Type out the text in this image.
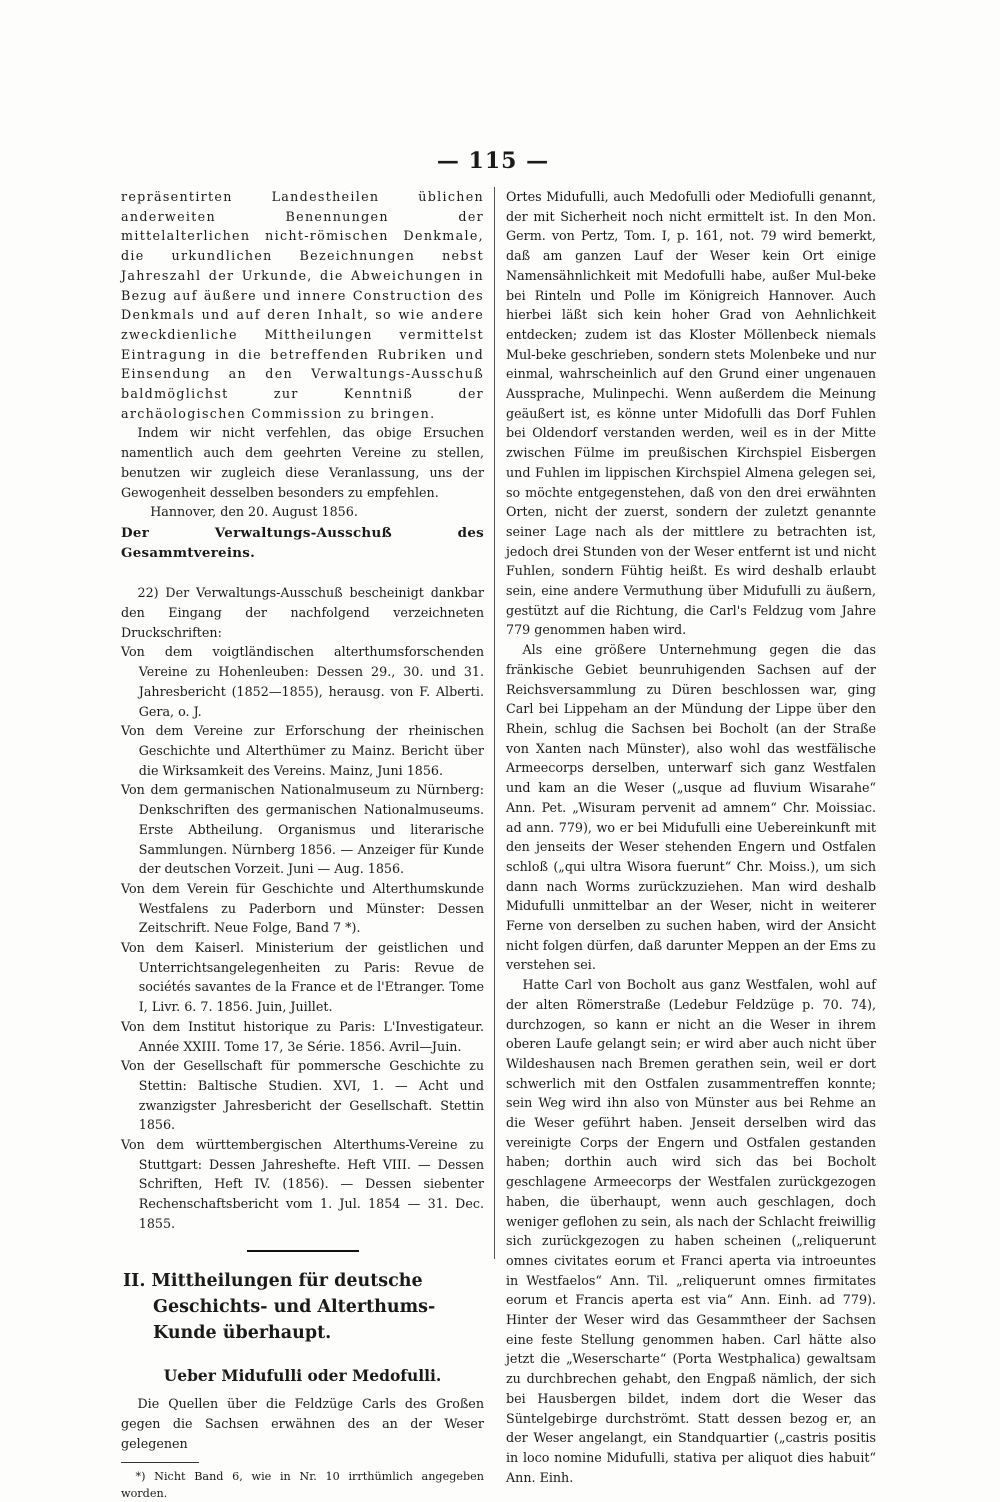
— 115 —

repräsentirten Landestheilen üblichen anderweiten Benennungen der mittelalterlichen nicht-römischen Denkmale, die urkundlichen Bezeichnungen nebst Jahreszahl der Urkunde, die Abweichungen in Bezug auf äußere und innere Construction des Denkmals und auf deren Inhalt, so wie andere zweckdienliche Mittheilungen vermittelst Eintragung in die betreffenden Rubriken und Einsendung an den Verwaltungs-Ausschuß baldmöglichst zur Kenntniß der archäologischen Commission zu bringen.

Indem wir nicht verfehlen, das obige Ersuchen namentlich auch dem geehrten Vereine zu stellen, benutzen wir zugleich diese Veranlassung, uns der Gewogenheit desselben besonders zu empfehlen.

Hannover, den 20. August 1856.

Der Verwaltungs-Ausschuß des Gesammtvereins.

22) Der Verwaltungs-Ausschuß bescheinigt dankbar den Eingang der nachfolgend verzeichneten Druckschriften:

Von dem voigtländischen alterthumsforschenden Vereine zu Hohenleuben: Dessen 29., 30. und 31. Jahresbericht (1852—1855), herausg. von F. Alberti. Gera, o. J.

Von dem Vereine zur Erforschung der rheinischen Geschichte und Alterthümer zu Mainz. Bericht über die Wirksamkeit des Vereins. Mainz, Juni 1856.

Von dem germanischen Nationalmuseum zu Nürnberg: Denkschriften des germanischen Nationalmuseums. Erste Abtheilung. Organismus und literarische Sammlungen. Nürnberg 1856. — Anzeiger für Kunde der deutschen Vorzeit. Juni — Aug. 1856.

Von dem Verein für Geschichte und Alterthumskunde Westfalens zu Paderborn und Münster: Dessen Zeitschrift. Neue Folge, Band 7 *).

Von dem Kaiserl. Ministerium der geistlichen und Unterrichtsangelegenheiten zu Paris: Revue de sociétés savantes de la France et de l'Etranger. Tome I, Livr. 6. 7. 1856. Juin, Juillet.

Von dem Institut historique zu Paris: L'Investigateur. Année XXIII. Tome 17, 3e Série. 1856. Avril—Juin.

Von der Gesellschaft für pommersche Geschichte zu Stettin: Baltische Studien. XVI, 1. — Acht und zwanzigster Jahresbericht der Gesellschaft. Stettin 1856.

Von dem württembergischen Alterthums-Vereine zu Stuttgart: Dessen Jahreshefte. Heft VIII. — Dessen Schriften, Heft IV. (1856). — Dessen siebenter Rechenschaftsbericht vom 1. Jul. 1854 — 31. Dec. 1855.

II. Mittheilungen für deutsche Geschichts- und Alterthums-Kunde überhaupt.

Ueber Midufulli oder Medofulli.

Die Quellen über die Feldzüge Carls des Großen gegen die Sachsen erwähnen des an der Weser gelegenen

*) Nicht Band 6, wie in Nr. 10 irrthümlich angegeben worden.

Ortes Midufulli, auch Medofulli oder Mediofulli genannt, der mit Sicherheit noch nicht ermittelt ist. In den Mon. Germ. von Pertz, Tom. I, p. 161, not. 79 wird bemerkt, daß am ganzen Lauf der Weser kein Ort einige Namensähnlichkeit mit Medofulli habe, außer Mul-beke bei Rinteln und Polle im Königreich Hannover. Auch hierbei läßt sich kein hoher Grad von Aehnlichkeit entdecken; zudem ist das Kloster Möllenbeck niemals Mul-beke geschrieben, sondern stets Molenbeke und nur einmal, wahrscheinlich auf den Grund einer ungenauen Aussprache, Mulinpechi. Wenn außerdem die Meinung geäußert ist, es könne unter Midofulli das Dorf Fuhlen bei Oldendorf verstanden werden, weil es in der Mitte zwischen Fülme im preußischen Kirchspiel Eisbergen und Fuhlen im lippischen Kirchspiel Almena gelegen sei, so möchte entgegenstehen, daß von den drei erwähnten Orten, nicht der zuerst, sondern der zuletzt genannte seiner Lage nach als der mittlere zu betrachten ist, jedoch drei Stunden von der Weser entfernt ist und nicht Fuhlen, sondern Fühtig heißt. Es wird deshalb erlaubt sein, eine andere Vermuthung über Midufulli zu äußern, gestützt auf die Richtung, die Carl's Feldzug vom Jahre 779 genommen haben wird.

Als eine größere Unternehmung gegen die das fränkische Gebiet beunruhigenden Sachsen auf der Reichsversammlung zu Düren beschlossen war, ging Carl bei Lippeham an der Mündung der Lippe über den Rhein, schlug die Sachsen bei Bocholt (an der Straße von Xanten nach Münster), also wohl das westfälische Armeecorps derselben, unterwarf sich ganz Westfalen und kam an die Weser („usque ad fluvium Wisarahe“ Ann. Pet. „Wisuram pervenit ad amnem“ Chr. Moissiac. ad ann. 779), wo er bei Midufulli eine Uebereinkunft mit den jenseits der Weser stehenden Engern und Ostfalen schloß („qui ultra Wisora fuerunt“ Chr. Moiss.), um sich dann nach Worms zurückzuziehen. Man wird deshalb Midufulli unmittelbar an der Weser, nicht in weiterer Ferne von derselben zu suchen haben, wird der Ansicht nicht folgen dürfen, daß darunter Meppen an der Ems zu verstehen sei.

Hatte Carl von Bocholt aus ganz Westfalen, wohl auf der alten Römerstraße (Ledebur Feldzüge p. 70. 74), durchzogen, so kann er nicht an die Weser in ihrem oberen Laufe gelangt sein; er wird aber auch nicht über Wildeshausen nach Bremen gerathen sein, weil er dort schwerlich mit den Ostfalen zusammentreffen konnte; sein Weg wird ihn also von Münster aus bei Rehme an die Weser geführt haben. Jenseit derselben wird das vereinigte Corps der Engern und Ostfalen gestanden haben; dorthin auch wird sich das bei Bocholt geschlagene Armeecorps der Westfalen zurückgezogen haben, die überhaupt, wenn auch geschlagen, doch weniger geflohen zu sein, als nach der Schlacht freiwillig sich zurückgezogen zu haben scheinen („reliquerunt omnes civitates eorum et Franci aperta via introeuntes in Westfaelos“ Ann. Til. „reliquerunt omnes firmitates eorum et Francis aperta est via“ Ann. Einh. ad 779). Hinter der Weser wird das Gesammtheer der Sachsen eine feste Stellung genommen haben. Carl hätte also jetzt die „Weserscharte“ (Porta Westphalica) gewaltsam zu durchbrechen gehabt, den Engpaß nämlich, der sich bei Hausbergen bildet, indem dort die Weser das Süntelgebirge durchströmt. Statt dessen bezog er, an der Weser angelangt, ein Standquartier („castris positis in loco nomine Midufulli, stativa per aliquot dies habuit“ Ann. Einh.
